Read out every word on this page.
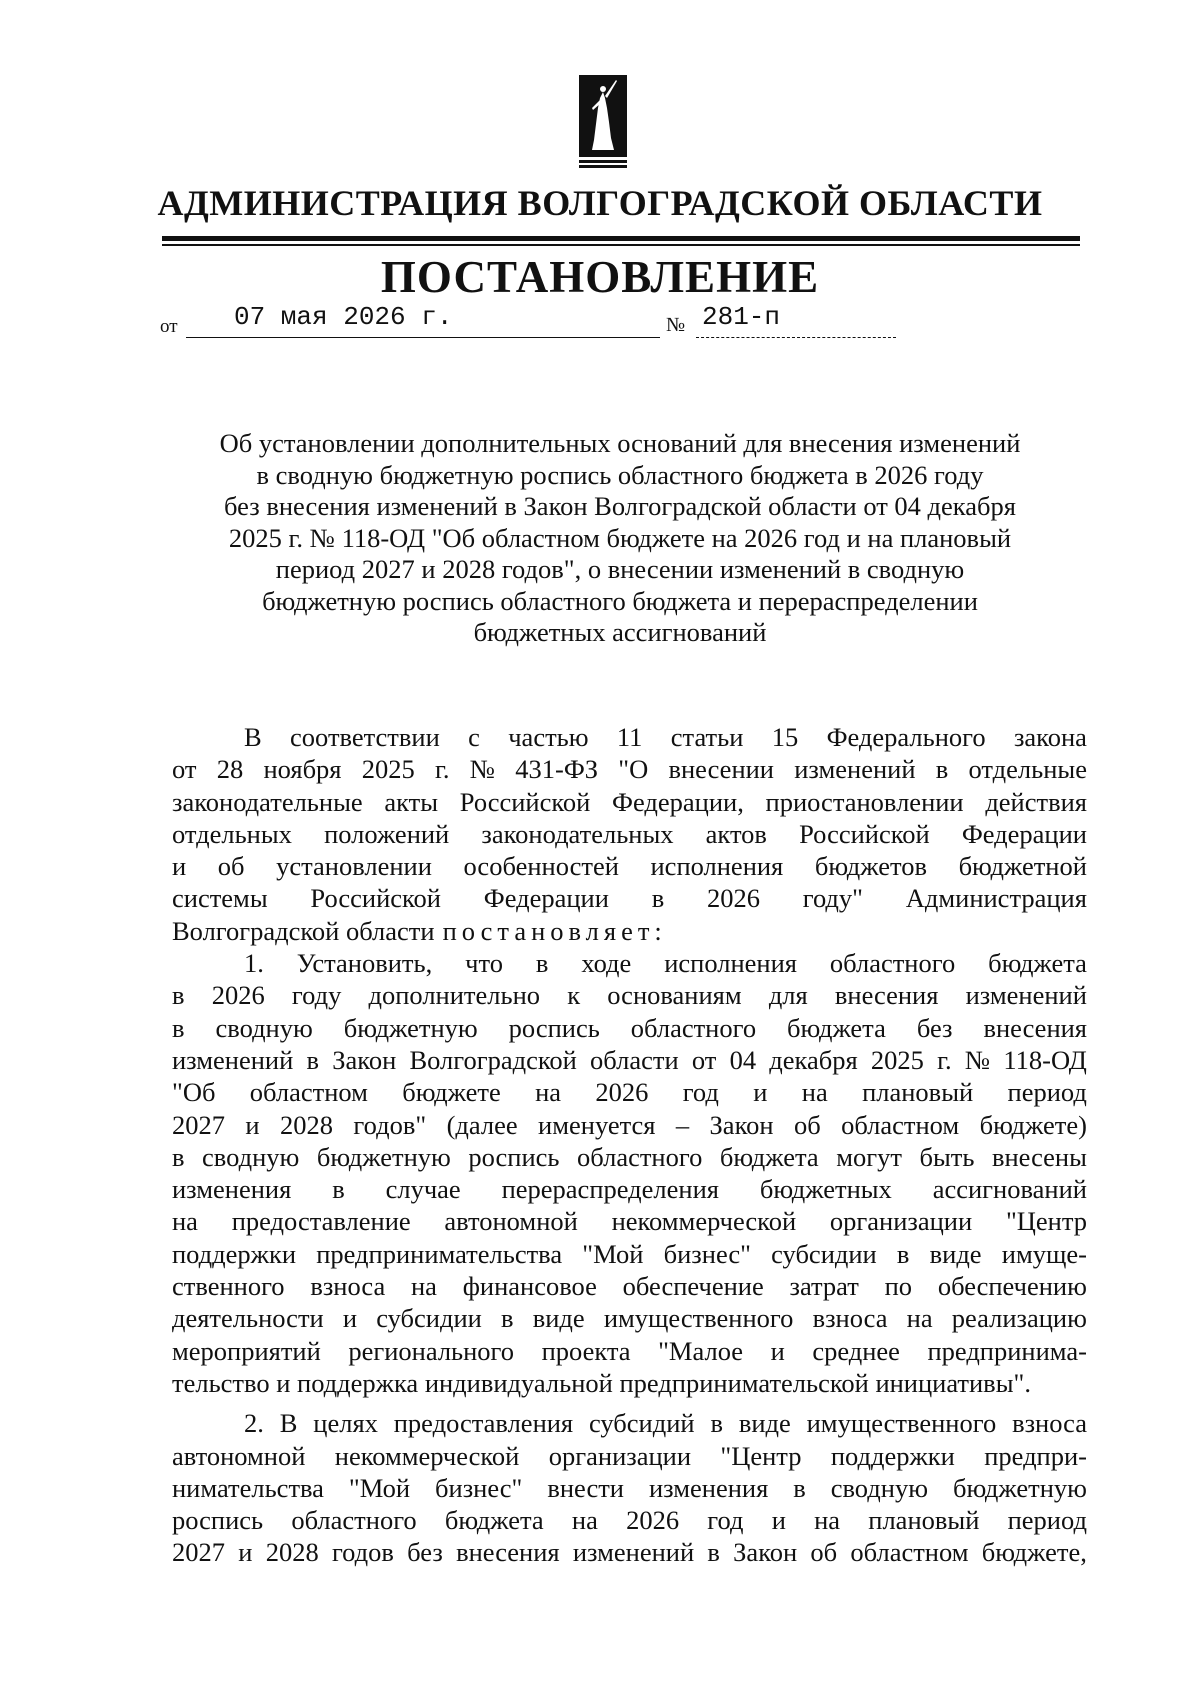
АДМИНИСТРАЦИЯ ВОЛГОГРАДСКОЙ ОБЛАСТИ
ПОСТАНОВЛЕНИЕ
от	07 мая 2026 г.	№ 281-п
Об установлении дополнительных оснований для внесения изменений
в сводную бюджетную роспись областного бюджета в 2026 году
без внесения изменений в Закон Волгоградской области от 04 декабря
2025 г. № 118-ОД "Об областном бюджете на 2026 год и на плановый
период 2027 и 2028 годов", о внесении изменений в сводную
бюджетную роспись областного бюджета и перераспределении
бюджетных ассигнований
В соответствии с частью 11 статьи 15 Федерального закона
от 28 ноября 2025 г. № 431-ФЗ "О внесении изменений в отдельные
законодательные акты Российской Федерации, приостановлении действия
отдельных положений законодательных актов Российской Федерации
и об установлении особенностей исполнения бюджетов бюджетной
системы Российской Федерации в 2026 году" Администрация
Волгоградской области постановляет:
1. Установить, что в ходе исполнения областного бюджета
в 2026 году дополнительно к основаниям для внесения изменений
в сводную бюджетную роспись областного бюджета без внесения
изменений в Закон Волгоградской области от 04 декабря 2025 г. № 118-ОД
"Об областном бюджете на 2026 год и на плановый период
2027 и 2028 годов" (далее именуется – Закон об областном бюджете)
в сводную бюджетную роспись областного бюджета могут быть внесены
изменения в случае перераспределения бюджетных ассигнований
на предоставление автономной некоммерческой организации "Центр
поддержки предпринимательства "Мой бизнес" субсидии в виде имуще-
ственного взноса на финансовое обеспечение затрат по обеспечению
деятельности и субсидии в виде имущественного взноса на реализацию
мероприятий регионального проекта "Малое и среднее предпринима-
тельство и поддержка индивидуальной предпринимательской инициативы".
2. В целях предоставления субсидий в виде имущественного взноса
автономной некоммерческой организации "Центр поддержки предпри-
нимательства "Мой бизнес" внести изменения в сводную бюджетную
роспись областного бюджета на 2026 год и на плановый период
2027 и 2028 годов без внесения изменений в Закон об областном бюджете,
